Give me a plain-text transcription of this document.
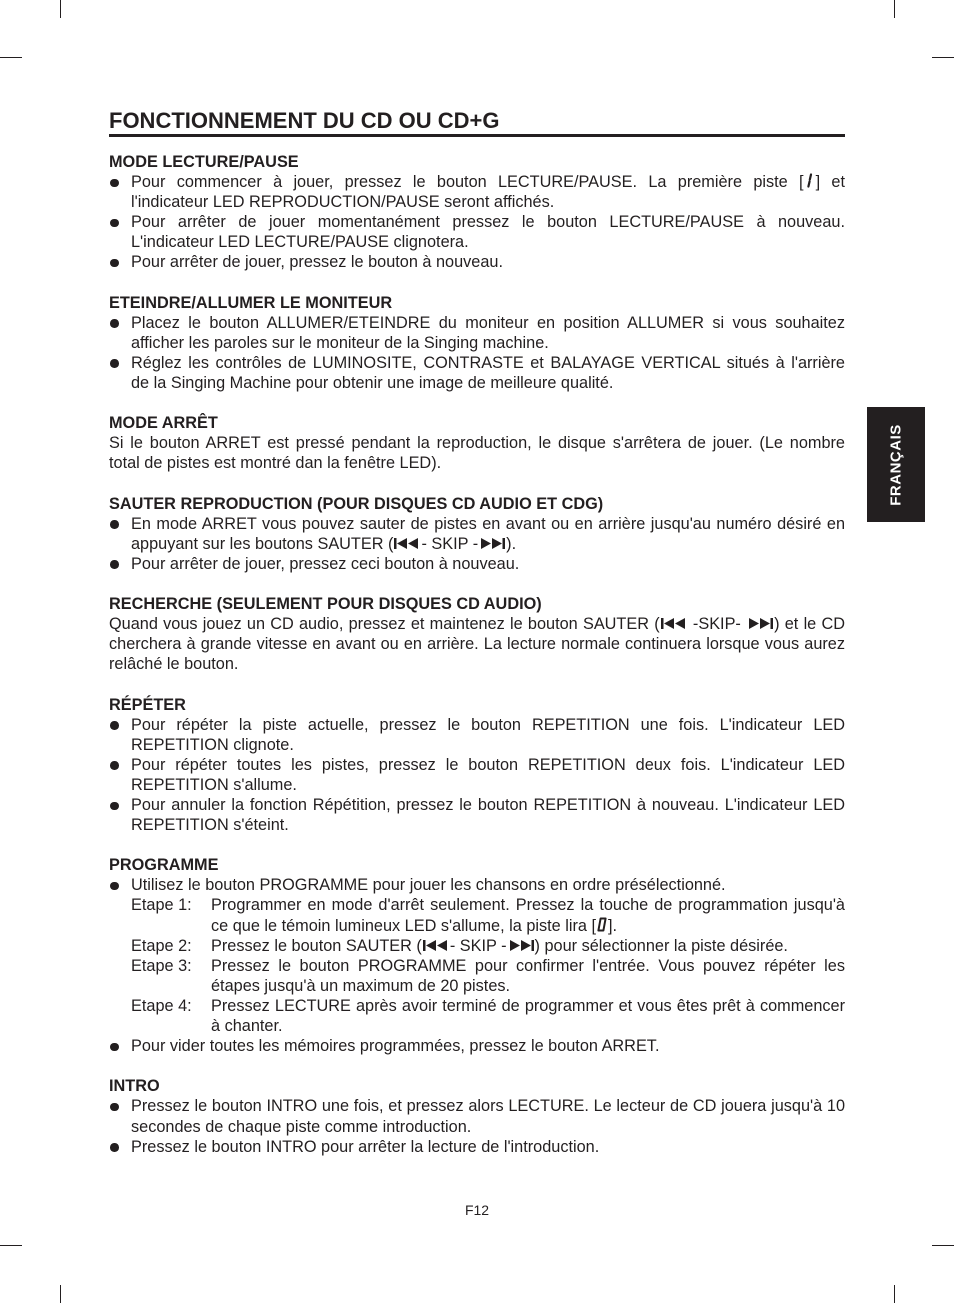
FONCTIONNEMENT DU CD OU CD+G
FRANÇAIS

MODE LECTURE/PAUSE

Pour commencer à jouer, pressez le bouton LECTURE/PAUSE. La première piste [ ] et l'indicateur LED REPRODUCTION/PAUSE seront affichés.
Pour arrêter de jouer momentanément pressez le bouton LECTURE/PAUSE à nouveau. L'indicateur LED LECTURE/PAUSE clignotera.
Pour arrêter de jouer, pressez le bouton à nouveau.

ETEINDRE/ALLUMER LE MONITEUR

Placez le bouton ALLUMER/ETEINDRE du moniteur en position ALLUMER si vous souhaitez afficher les paroles sur le moniteur de la Singing machine.
Réglez les contrôles de LUMINOSITE, CONTRASTE et BALAYAGE VERTICAL situés à l'arrière de la Singing Machine pour obtenir une image de meilleure qualité.

MODE ARRÊT

Si le bouton ARRET est pressé pendant la reproduction, le disque s'arrêtera de jouer. (Le nombre total de pistes est montré dan la fenêtre LED).

SAUTER REPRODUCTION (POUR DISQUES CD AUDIO ET CDG)

En mode ARRET vous pouvez sauter de pistes en avant ou en arrière jusqu'au numéro désiré en appuyant sur les boutons SAUTER ( - SKIP - ).
Pour arrêter de jouer, pressez ceci bouton à nouveau.

RECHERCHE (SEULEMENT POUR DISQUES CD AUDIO)

Quand vous jouez un CD audio, pressez et maintenez le bouton SAUTER ( -SKIP- ) et le CD cherchera à grande vitesse en avant ou en arrière. La lecture normale continuera lorsque vous aurez relâché le bouton.

RÉPÉTER

Pour répéter la piste actuelle, pressez le bouton REPETITION une fois. L'indicateur LED REPETITION clignote.
Pour répéter toutes les pistes, pressez le bouton REPETITION deux fois. L'indicateur LED REPETITION s'allume.
Pour annuler la fonction Répétition, pressez le bouton REPETITION à nouveau. L'indicateur LED REPETITION s'éteint.

PROGRAMME

Utilisez le bouton PROGRAMME pour jouer les chansons en ordre présélectionné.
Etape 1:	Programmer en mode d'arrêt seulement. Pressez la touche de programmation jusqu'à ce que le témoin lumineux LED s'allume, la piste lira [ ].
Etape 2:	Pressez le bouton SAUTER ( - SKIP - ) pour sélectionner la piste désirée.
Etape 3:	Pressez le bouton PROGRAMME pour confirmer l'entrée. Vous pouvez répéter les étapes jusqu'à un maximum de 20 pistes.
Etape 4:	Pressez LECTURE après avoir terminé de programmer et vous êtes prêt à commencer à chanter.
Pour vider toutes les mémoires programmées, pressez le bouton ARRET.

INTRO

Pressez le bouton INTRO une fois, et pressez alors LECTURE. Le lecteur de CD jouera jusqu'à 10 secondes de chaque piste comme introduction.
Pressez le bouton INTRO pour arrêter la lecture de l'introduction.
F12
